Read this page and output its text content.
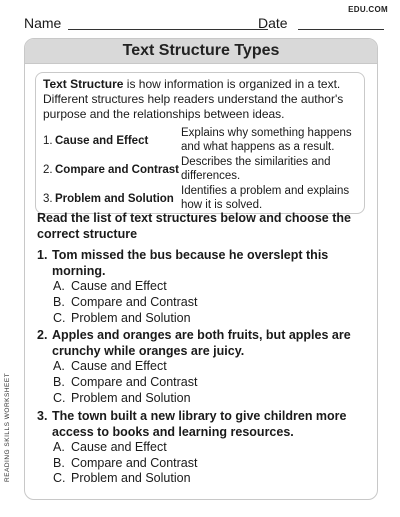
EDU.COM
Name	Date
READING SKILLS WORKSHEET
Text Structure Types

Text Structure is how information is organized in a text. Different structures help readers understand the author's purpose and the relationships between ideas.

1. Cause and Effect
Explains why something happens and what happens as a result.
2. Compare and Contrast
Describes the similarities and differences.
3. Problem and Solution
Identifies a problem and explains how it is solved.
Read the list of text structures below and choose the correct structure
1. Tom missed the bus because he overslept this morning.
A. Cause and Effect
B. Compare and Contrast
C. Problem and Solution
2. Apples and oranges are both fruits, but apples are crunchy while oranges are juicy.
A. Cause and Effect
B. Compare and Contrast
C. Problem and Solution
3. The town built a new library to give children more access to books and learning resources.
A. Cause and Effect
B. Compare and Contrast
C. Problem and Solution
